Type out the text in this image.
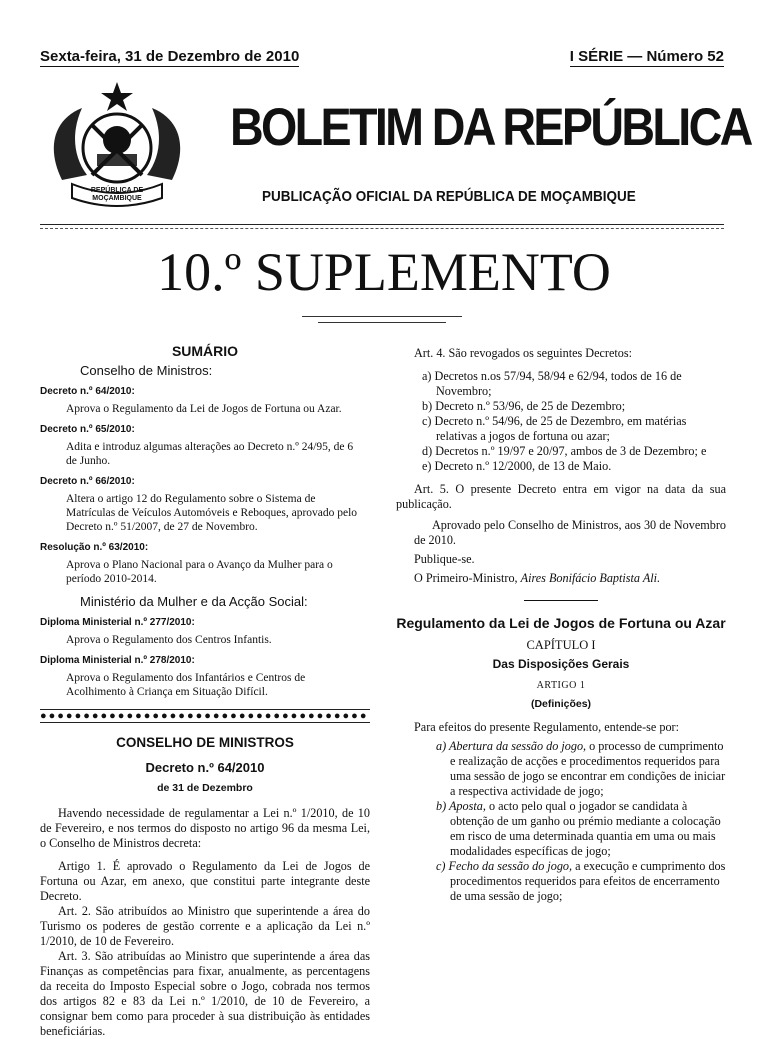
Sexta-feira, 31 de Dezembro de 2010	I SÉRIE — Número 52
REPÚBLICA DE
MOÇAMBIQUE
BOLETIM DA REPÚBLICA
PUBLICAÇÃO OFICIAL DA REPÚBLICA DE MOÇAMBIQUE
10.º SUPLEMENTO
SUMÁRIO
Conselho de Ministros:
Decreto n.º 64/2010:
Aprova o Regulamento da Lei de Jogos de Fortuna ou Azar.
Decreto n.º 65/2010:
Adita e introduz algumas alterações ao Decreto n.º 24/95, de 6 de Junho.
Decreto n.º 66/2010:
Altera o artigo 12 do Regulamento sobre o Sistema de Matrículas de Veículos Automóveis e Reboques, aprovado pelo Decreto n.º 51/2007, de 27 de Novembro.
Resolução n.º 63/2010:
Aprova o Plano Nacional para o Avanço da Mulher para o período 2010-2014.
Ministério da Mulher e da Acção Social:
Diploma Ministerial n.º 277/2010:
Aprova o Regulamento dos Centros Infantis.
Diploma Ministerial n.º 278/2010:
Aprova o Regulamento dos Infantários e Centros de Acolhimento à Criança em Situação Difícil.
●●●●●●●●●●●●●●●●●●●●●●●●●●●●●●●●●●●●●●
CONSELHO DE MINISTROS
Decreto n.º 64/2010
de 31 de Dezembro

Havendo necessidade de regulamentar a Lei n.º 1/2010, de 10 de Fevereiro, e nos termos do disposto no artigo 96 da mesma Lei, o Conselho de Ministros decreta:

Artigo 1. É aprovado o Regulamento da Lei de Jogos de Fortuna ou Azar, em anexo, que constitui parte integrante deste Decreto.

Art. 2. São atribuídos ao Ministro que superintende a área do Turismo os poderes de gestão corrente e a aplicação da Lei n.º 1/2010, de 10 de Fevereiro.

Art. 3. São atribuídas ao Ministro que superintende a área das Finanças as competências para fixar, anualmente, as percentagens da receita do Imposto Especial sobre o Jogo, cobrada nos termos dos artigos 82 e 83 da Lei n.º 1/2010, de 10 de Fevereiro, a consignar bem como para proceder à sua distribuição às entidades beneficiárias.

Art. 4. São revogados os seguintes Decretos:

a) Decretos n.os 57/94, 58/94 e 62/94, todos de 16 de Novembro;
b) Decreto n.º 53/96, de 25 de Dezembro;
c) Decreto n.º 54/96, de 25 de Dezembro, em matérias relativas a jogos de fortuna ou azar;
d) Decretos n.º 19/97 e 20/97, ambos de 3 de Dezembro; e
e) Decreto n.º 12/2000, de 13 de Maio.

Art. 5. O presente Decreto entra em vigor na data da sua publicação.

Aprovado pelo Conselho de Ministros, aos 30 de Novembro de 2010.

Publique-se.

O Primeiro-Ministro, Aires Bonifácio Baptista Ali.

Regulamento da Lei de Jogos de Fortuna ou Azar
CAPÍTULO I
Das Disposições Gerais
ARTIGO 1
(Definições)

Para efeitos do presente Regulamento, entende-se por:

a) Abertura da sessão do jogo, o processo de cumprimento e realização de acções e procedimentos requeridos para uma sessão de jogo se encontrar em condições de iniciar a respectiva actividade de jogo;
b) Aposta, o acto pelo qual o jogador se candidata à obtenção de um ganho ou prémio mediante a colocação em risco de uma determinada quantia em uma ou mais modalidades específicas de jogo;
c) Fecho da sessão do jogo, a execução e cumprimento dos procedimentos requeridos para efeitos de encerramento de uma sessão de jogo;
